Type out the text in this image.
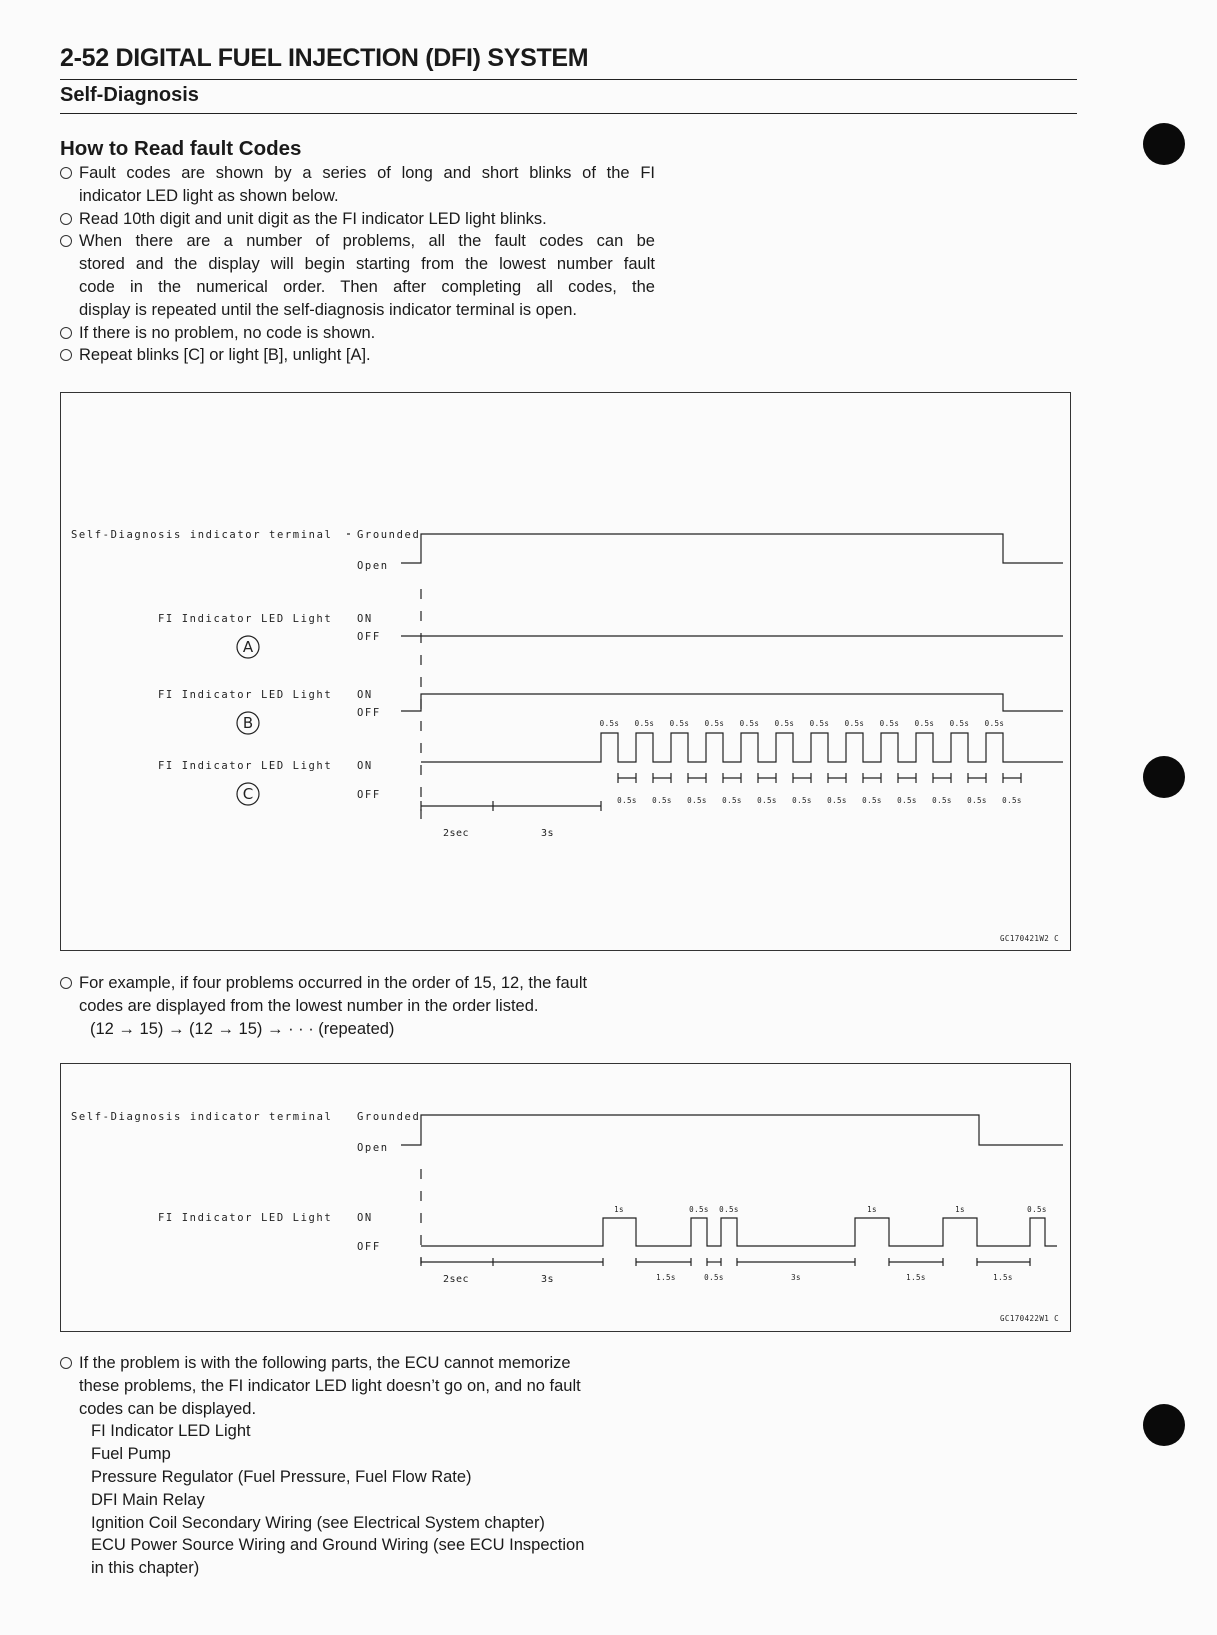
2-52 DIGITAL FUEL INJECTION (DFI) SYSTEM
Self-Diagnosis
How to Read fault Codes
Fault codes are shown by a series of long and short blinks of the FI
indicator LED light as shown below.
Read 10th digit and unit digit as the FI indicator LED light blinks.
When there are a number of problems, all the fault codes can be
stored and the display will begin starting from the lowest number fault
code in the numerical order. Then after completing all codes, the
display is repeated until the self-diagnosis indicator terminal is open.
If there is no problem, no code is shown.
Repeat blinks [C] or light [B], unlight [A].
Self-Diagnosis indicator terminal Grounded
Open
FI Indicator LED Light ON
OFF
A
FI Indicator LED Light ON
OFF
B
FI Indicator LED Light ON
OFF
C
0.5s 0.5s 0.5s 0.5s 0.5s 0.5s 0.5s 0.5s 0.5s 0.5s 0.5s 0.5s
0.5s 0.5s 0.5s 0.5s 0.5s 0.5s 0.5s 0.5s 0.5s 0.5s 0.5s 0.5s
2sec	3s
GC170421W2 C
For example, if four problems occurred in the order of 15, 12, the fault
codes are displayed from the lowest number in the order listed.
(12 → 15) → (12 → 15) → · · · (repeated)
Self-Diagnosis indicator terminal Grounded
Open
FI Indicator LED Light ON
OFF
1s	0.5s 0.5s	1s	1s	0.5s
2sec	3s	1.5s	0.5s	3s	1.5s	1.5s
GC170422W1 C
If the problem is with the following parts, the ECU cannot memorize
these problems, the FI indicator LED light doesn’t go on, and no fault
codes can be displayed.
FI Indicator LED Light
Fuel Pump
Pressure Regulator (Fuel Pressure, Fuel Flow Rate)
DFI Main Relay
Ignition Coil Secondary Wiring (see Electrical System chapter)
ECU Power Source Wiring and Ground Wiring (see ECU Inspection
in this chapter)
